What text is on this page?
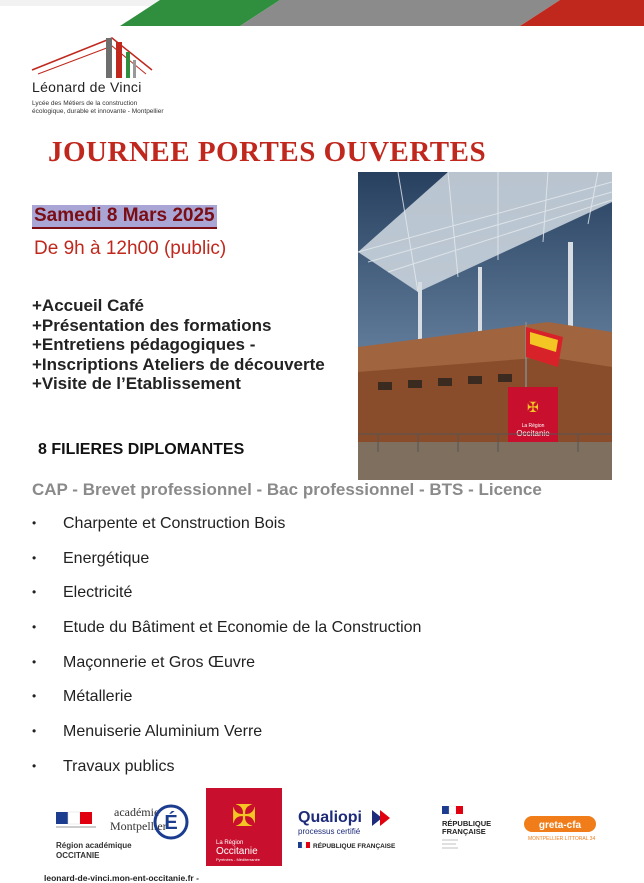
Léonard de Vinci
Lycée des Métiers de la construction
écologique, durable et innovante - Montpellier
JOURNEE PORTES OUVERTES
Samedi 8 Mars 2025
De 9h à 12h00 (public)
+Accueil Café
+Présentation des formations
+Entretiens pédagogiques -
+Inscriptions Ateliers de découverte
+Visite de l’Etablissement
✠
La Région
Occitanie
8 FILIERES DIPLOMANTES
CAP - Brevet professionnel - Bac professionnel - BTS - Licence
• Charpente et Construction Bois
• Energétique
• Electricité
• Etude du Bâtiment et Economie de la Construction
• Maçonnerie et Gros Œuvre
• Métallerie
• Menuiserie Aluminium Verre
• Travaux publics
académie
Montpellier
É
Région académique
OCCITANIE
✠
La Région
Occitanie
Pyrénées - Méditerranée
Qualiopi
processus certifié
RÉPUBLIQUE FRANÇAISE
RÉPUBLIQUE
FRANÇAISE
greta-cfa
MONTPELLIER LITTORAL 34
leonard-de-vinci.mon-ent-occitanie.fr -
